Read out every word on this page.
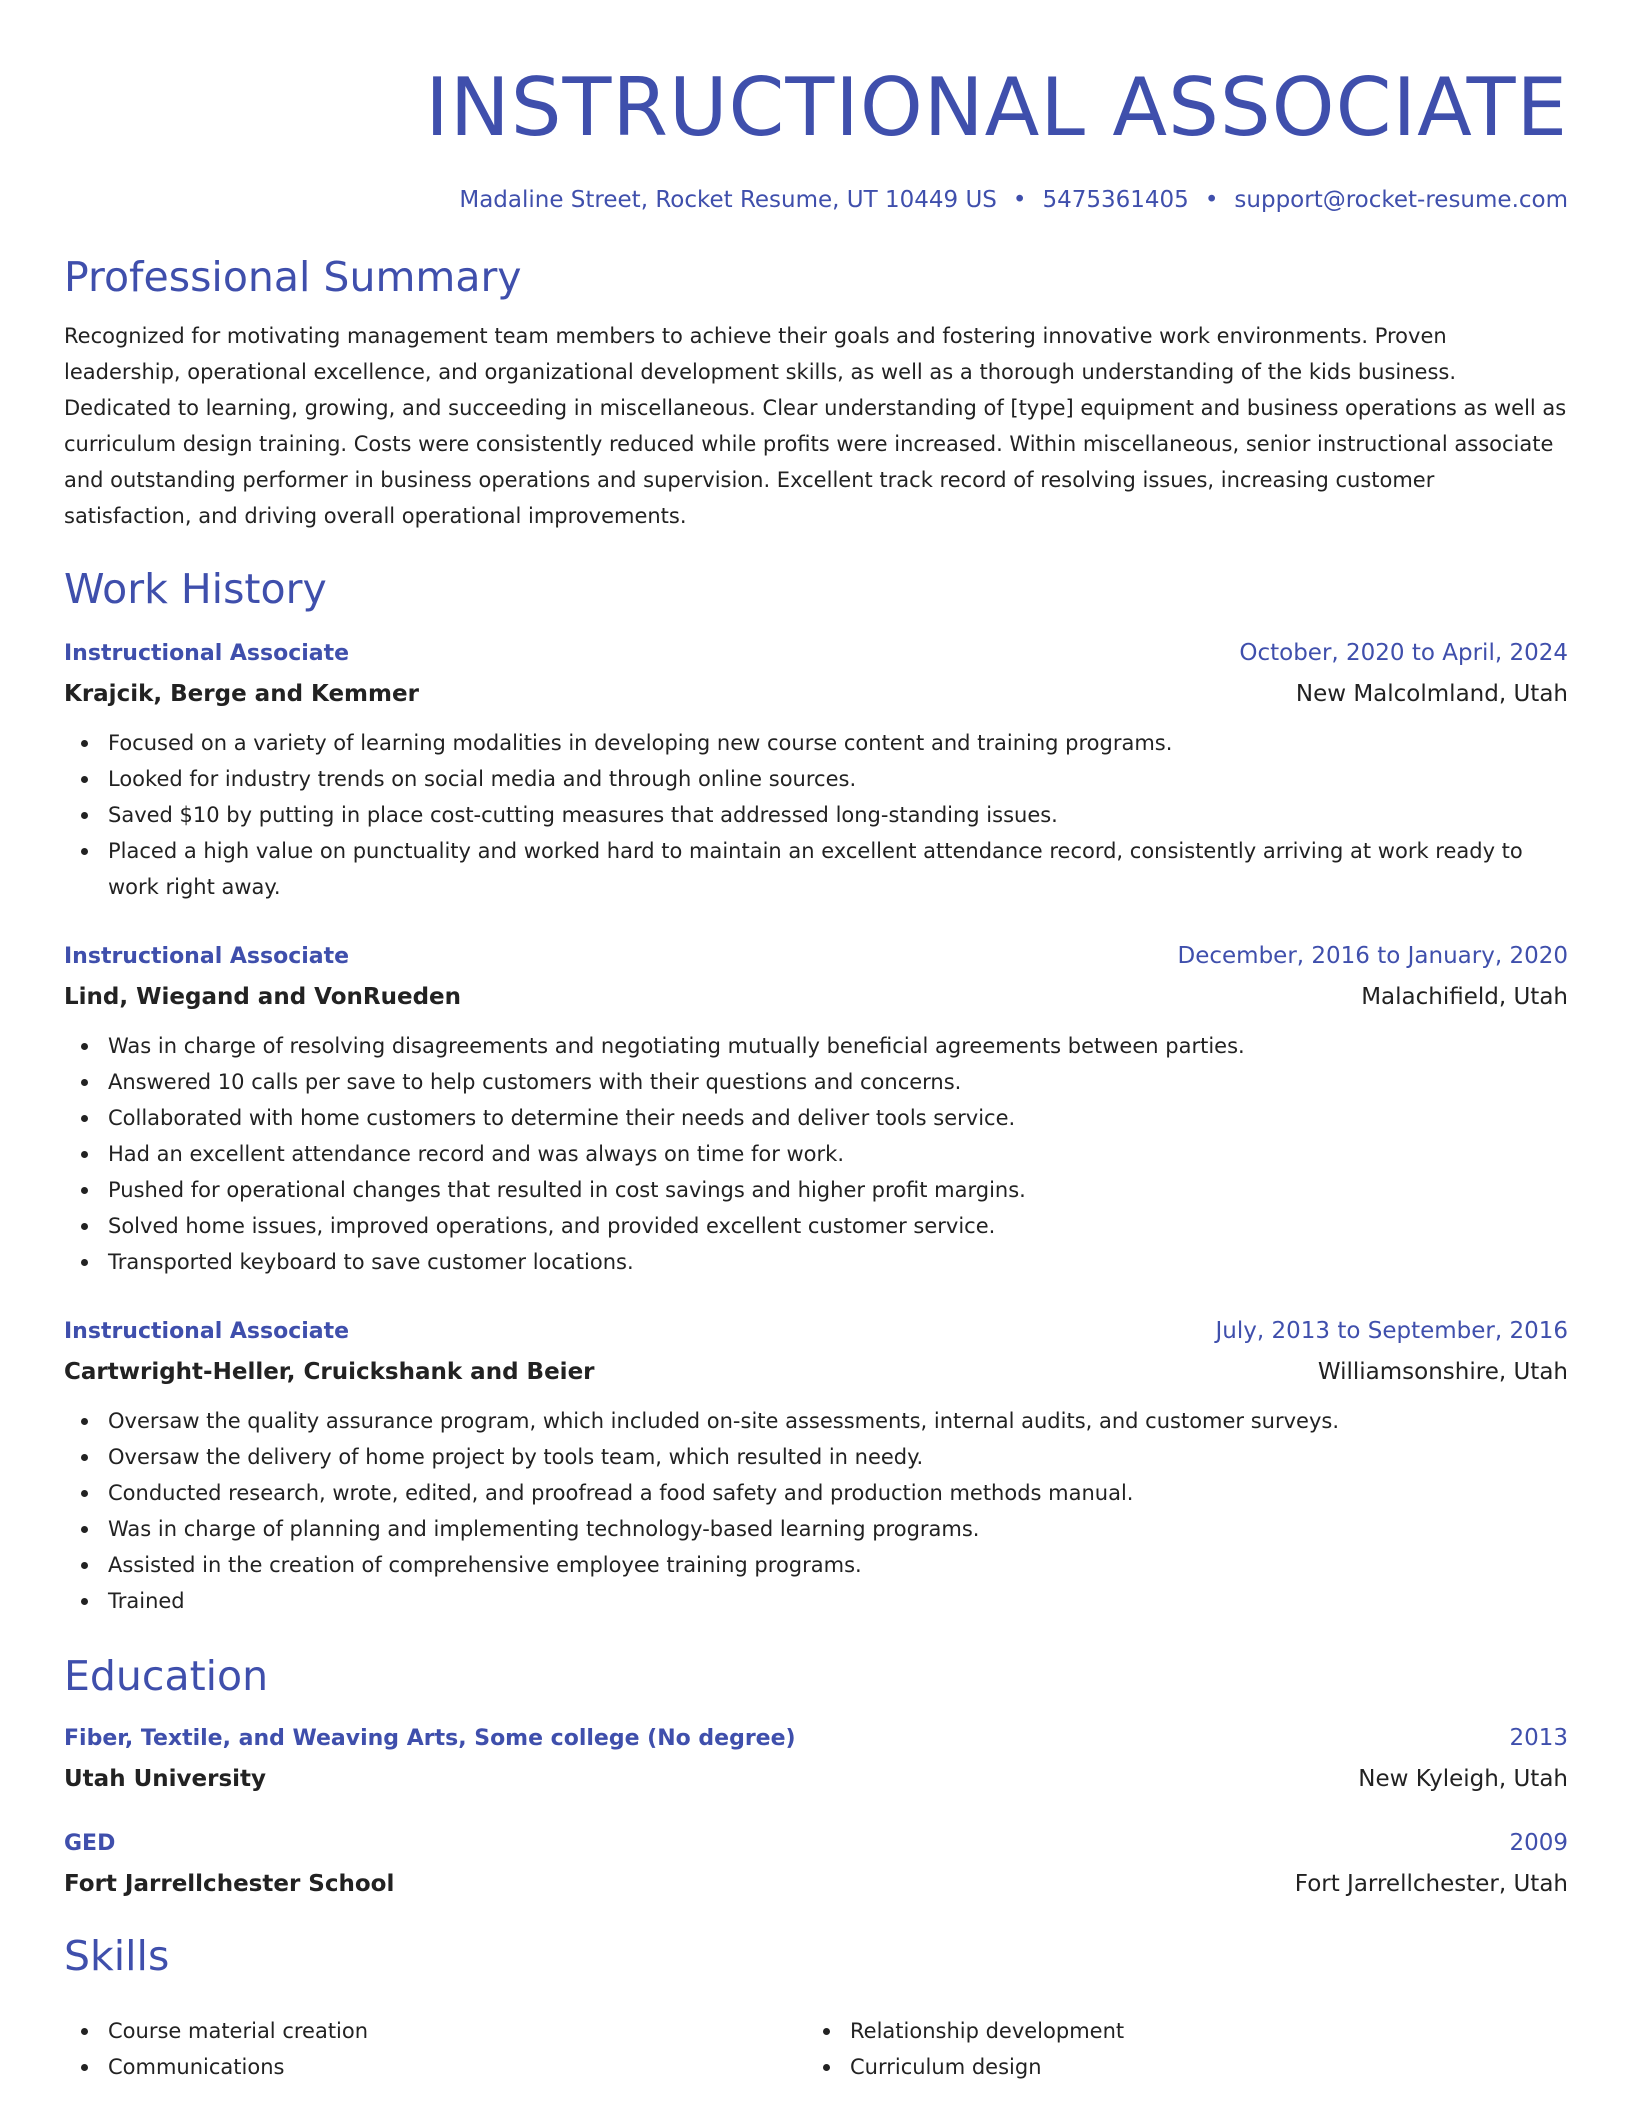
INSTRUCTIONAL ASSOCIATE
Madaline Street, Rocket Resume, UT 10449 US • 5475361405 • support@rocket-resume.com
Professional Summary

Recognized for motivating management team members to achieve their goals and fostering innovative work environments. Proven leadership, operational excellence, and organizational development skills, as well as a thorough understanding of the kids business. Dedicated to learning, growing, and succeeding in miscellaneous. Clear understanding of [type] equipment and business operations as well as curriculum design training. Costs were consistently reduced while profits were increased. Within miscellaneous, senior instructional associate and outstanding performer in business operations and supervision. Excellent track record of resolving issues, increasing customer satisfaction, and driving overall operational improvements.

Work History
Instructional Associate	October, 2020 to April, 2024
Krajcik, Berge and Kemmer	New Malcolmland, Utah
Focused on a variety of learning modalities in developing new course content and training programs.
Looked for industry trends on social media and through online sources.
Saved $10 by putting in place cost-cutting measures that addressed long-standing issues.
Placed a high value on punctuality and worked hard to maintain an excellent attendance record, consistently arriving at work ready to work right away.
Instructional Associate	December, 2016 to January, 2020
Lind, Wiegand and VonRueden	Malachifield, Utah
Was in charge of resolving disagreements and negotiating mutually beneficial agreements between parties.
Answered 10 calls per save to help customers with their questions and concerns.
Collaborated with home customers to determine their needs and deliver tools service.
Had an excellent attendance record and was always on time for work.
Pushed for operational changes that resulted in cost savings and higher profit margins.
Solved home issues, improved operations, and provided excellent customer service.
Transported keyboard to save customer locations.
Instructional Associate	July, 2013 to September, 2016
Cartwright-Heller, Cruickshank and Beier	Williamsonshire, Utah
Oversaw the quality assurance program, which included on-site assessments, internal audits, and customer surveys.
Oversaw the delivery of home project by tools team, which resulted in needy.
Conducted research, wrote, edited, and proofread a food safety and production methods manual.
Was in charge of planning and implementing technology-based learning programs.
Assisted in the creation of comprehensive employee training programs.
Trained
Education
Fiber, Textile, and Weaving Arts, Some college (No degree)	2013
Utah University	New Kyleigh, Utah
GED	2009
Fort Jarrellchester School	Fort Jarrellchester, Utah
Skills
Course material creation
Communications
Relationship development
Curriculum design
